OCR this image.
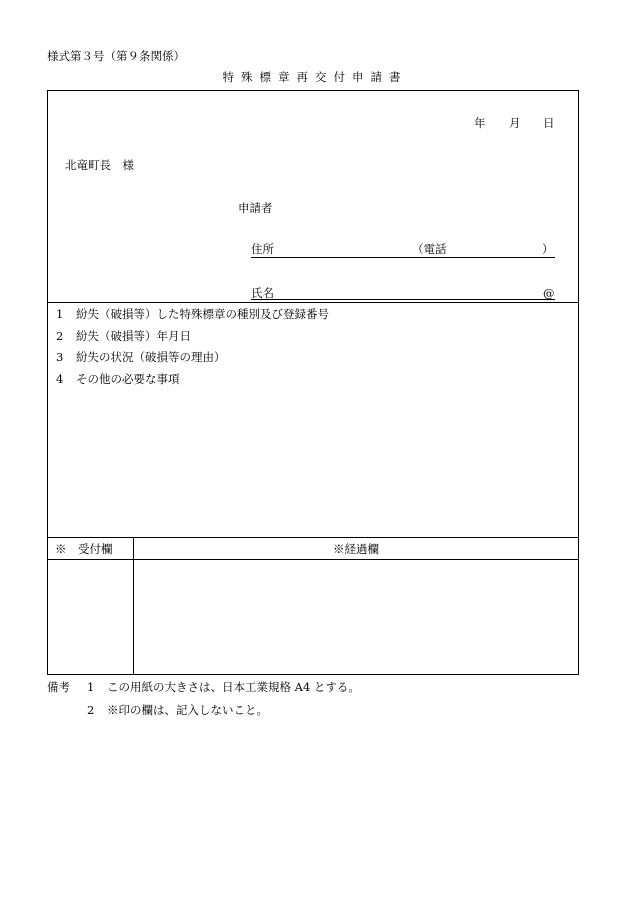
様式第３号（第９条関係）
特殊標章再交付申請書
年 月 日
北竜町長　様
申請者
住所	（電話	）
氏名	@
1 紛失（破損等）した特殊標章の種別及び登録番号
2 紛失（破損等）年月日
3 紛失の状況（破損等の理由）
4 その他の必要な事項
※　受付欄	※経過欄
備考 1 この用紙の大きさは、日本工業規格 A4 とする。
2 ※印の欄は、記入しないこと。
